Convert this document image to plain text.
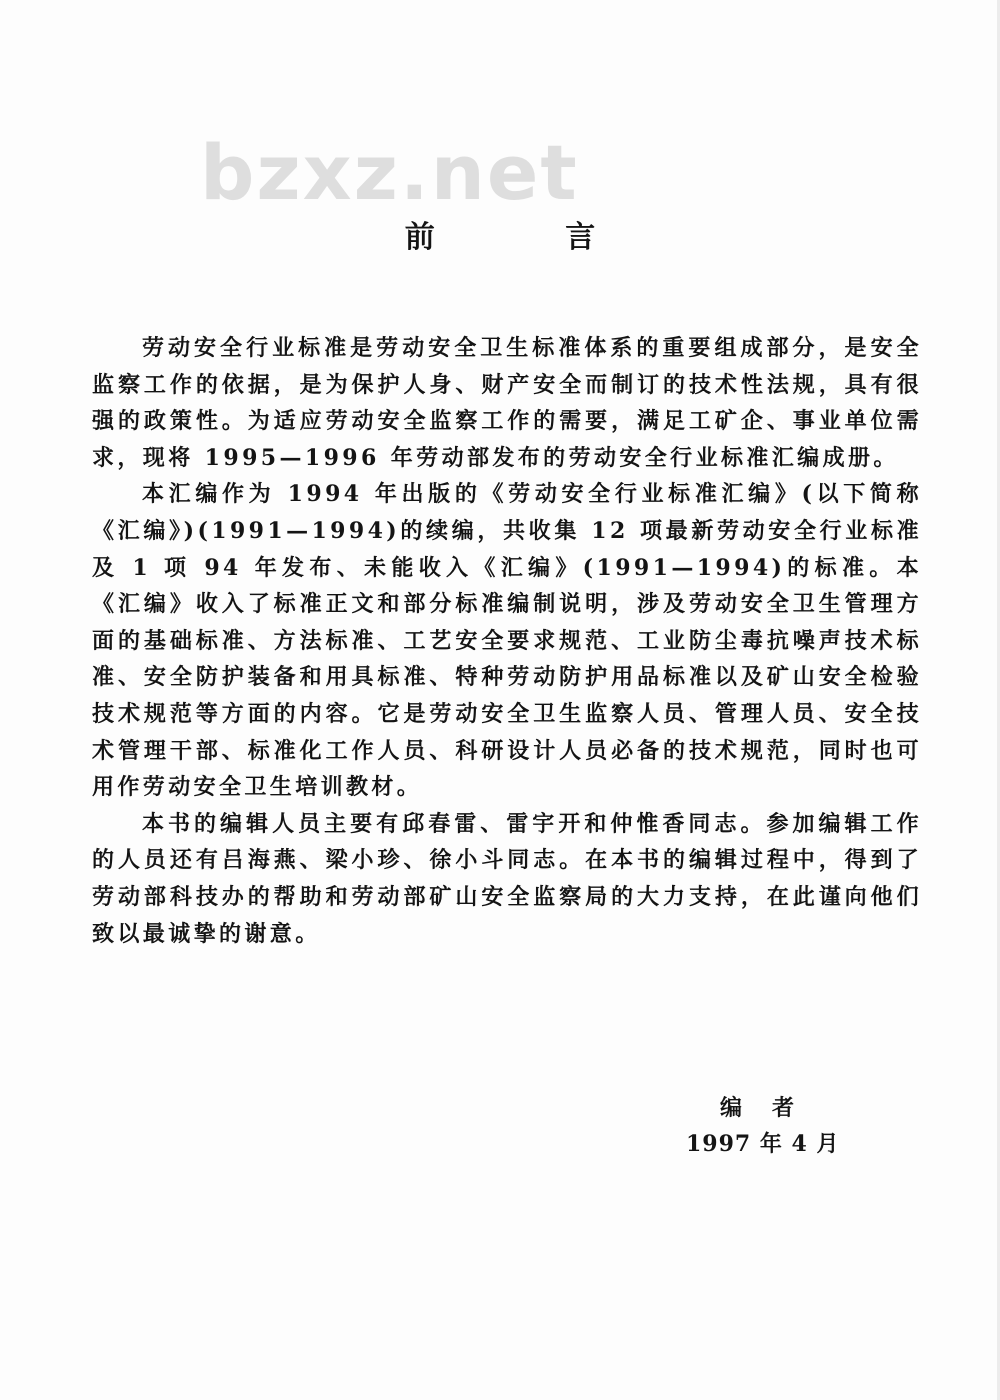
bzxz.net
前 言

劳动安全行业标准是劳动安全卫生标准体系的重要组成部分，是安全监察工作的依据，是为保护人身、财产安全而制订的技术性法规，具有很强的政策性。为适应劳动安全监察工作的需要，满足工矿企、事业单位需求，现将 1995—1996 年劳动部发布的劳动安全行业标准汇编成册。

本汇编作为 1994 年出版的《劳动安全行业标准汇编》(以下简称《汇编》)(1991—1994)的续编，共收集 12 项最新劳动安全行业标准及 1 项 94 年发布、未能收入《汇编》(1991—1994)的标准。本《汇编》收入了标准正文和部分标准编制说明，涉及劳动安全卫生管理方面的基础标准、方法标准、工艺安全要求规范、工业防尘毒抗噪声技术标准、安全防护装备和用具标准、特种劳动防护用品标准以及矿山安全检验技术规范等方面的内容。它是劳动安全卫生监察人员、管理人员、安全技术管理干部、标准化工作人员、科研设计人员必备的技术规范，同时也可用作劳动安全卫生培训教材。

本书的编辑人员主要有邱春雷、雷宇开和仲惟香同志。参加编辑工作的人员还有吕海燕、梁小珍、徐小斗同志。在本书的编辑过程中，得到了劳动部科技办的帮助和劳动部矿山安全监察局的大力支持，在此谨向他们致以最诚挚的谢意。

编者
1997 年 4 月
